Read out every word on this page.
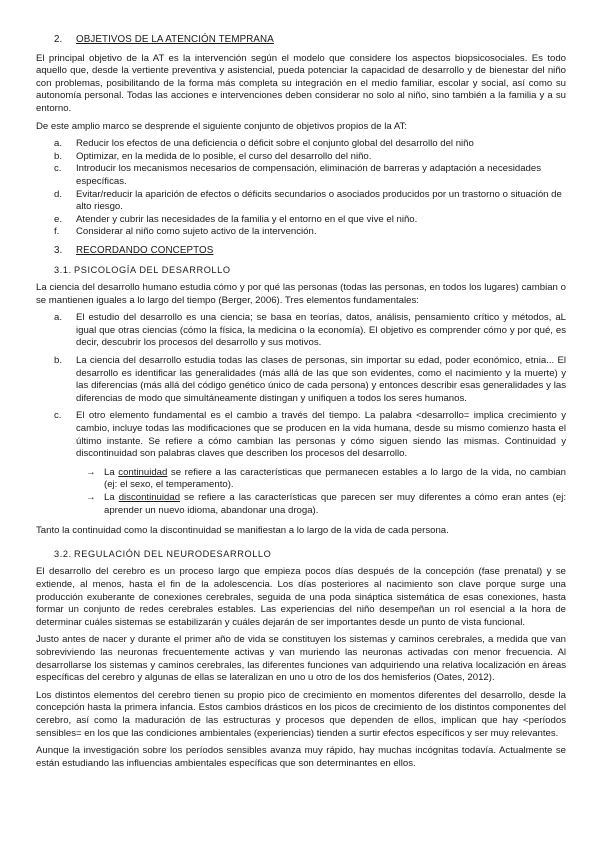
2.	OBJETIVOS DE LA ATENCIÓN TEMPRANA

El principal objetivo de la AT es la intervención según el modelo que considere los aspectos biopsicosociales. Es todo aquello que, desde la vertiente preventiva y asistencial, pueda potenciar la capacidad de desarrollo y de bienestar del niño con problemas, posibilitando de la forma más completa su integración en el medio familiar, escolar y social, así como su autonomía personal. Todas las acciones e intervenciones deben considerar no solo al niño, sino también a la familia y a su entorno.

De este amplio marco se desprende el siguiente conjunto de objetivos propios de la AT:

a.	Reducir los efectos de una deficiencia o déficit sobre el conjunto global del desarrollo del niño
b.	Optimizar, en la medida de lo posible, el curso del desarrollo del niño.
c.	Introducir los mecanismos necesarios de compensación, eliminación de barreras y adaptación a necesidades específicas.
d.	Evitar/reducir la aparición de efectos o déficits secundarios o asociados producidos por un trastorno o situación de alto riesgo.
e.	Atender y cubrir las necesidades de la familia y el entorno en el que vive el niño.
f.	Considerar al niño como sujeto activo de la intervención.
3.	RECORDANDO CONCEPTOS
3.1. PSICOLOGÍA DEL DESARROLLO

La ciencia del desarrollo humano estudia cómo y por qué las personas (todas las personas, en todos los lugares) cambian o se mantienen iguales a lo largo del tiempo (Berger, 2006). Tres elementos fundamentales:

a.	El estudio del desarrollo es una ciencia; se basa en teorías, datos, análisis, pensamiento crítico y métodos, aL igual que otras ciencias (cómo la física, la medicina o la economía). El objetivo es comprender cómo y por qué, es decir, descubrir los procesos del desarrollo y sus motivos.
b.	La ciencia del desarrollo estudia todas las clases de personas, sin importar su edad, poder económico, etnia... El desarrollo es identificar las generalidades (más allá de las que son evidentes, como el nacimiento y la muerte) y las diferencias (más allá del código genético único de cada persona) y entonces describir esas generalidades y las diferencias de modo que simultáneamente distingan y unifiquen a todos los seres humanos.
c.	El otro elemento fundamental es el cambio a través del tiempo. La palabra <desarrollo= implica crecimiento y cambio, incluye todas las modificaciones que se producen en la vida humana, desde su mismo comienzo hasta el último instante. Se refiere a cómo cambian las personas y cómo siguen siendo las mismas. Continuidad y discontinuidad son palabras claves que describen los procesos del desarrollo.
→ La continuidad se refiere a las características que permanecen estables a lo largo de la vida, no cambian (ej: el sexo, el temperamento).
→ La discontinuidad se refiere a las características que parecen ser muy diferentes a cómo eran antes (ej: aprender un nuevo idioma, abandonar una droga).

Tanto la continuidad como la discontinuidad se manifiestan a lo largo de la vida de cada persona.

3.2. REGULACIÓN DEL NEURODESARROLLO

El desarrollo del cerebro es un proceso largo que empieza pocos días después de la concepción (fase prenatal) y se extiende, al menos, hasta el fin de la adolescencia. Los días posteriores al nacimiento son clave porque surge una producción exuberante de conexiones cerebrales, seguida de una poda sináptica sistemática de esas conexiones, hasta formar un conjunto de redes cerebrales estables. Las experiencias del niño desempeñan un rol esencial a la hora de determinar cuáles sistemas se estabilizarán y cuáles dejarán de ser importantes desde un punto de vista funcional.

Justo antes de nacer y durante el primer año de vida se constituyen los sistemas y caminos cerebrales, a medida que van sobreviviendo las neuronas frecuentemente activas y van muriendo las neuronas activadas con menor frecuencia. Al desarrollarse los sistemas y caminos cerebrales, las diferentes funciones van adquiriendo una relativa localización en áreas específicas del cerebro y algunas de ellas se lateralizan en uno u otro de los dos hemisferios (Oates, 2012).

Los distintos elementos del cerebro tienen su propio pico de crecimiento en momentos diferentes del desarrollo, desde la concepción hasta la primera infancia. Estos cambios drásticos en los picos de crecimiento de los distintos componentes del cerebro, así como la maduración de las estructuras y procesos que dependen de ellos, implican que hay <períodos sensibles= en los que las condiciones ambientales (experiencias) tienden a surtir efectos específicos y ser muy relevantes.

Aunque la investigación sobre los períodos sensibles avanza muy rápido, hay muchas incógnitas todavía. Actualmente se están estudiando las influencias ambientales específicas que son determinantes en ellos.
